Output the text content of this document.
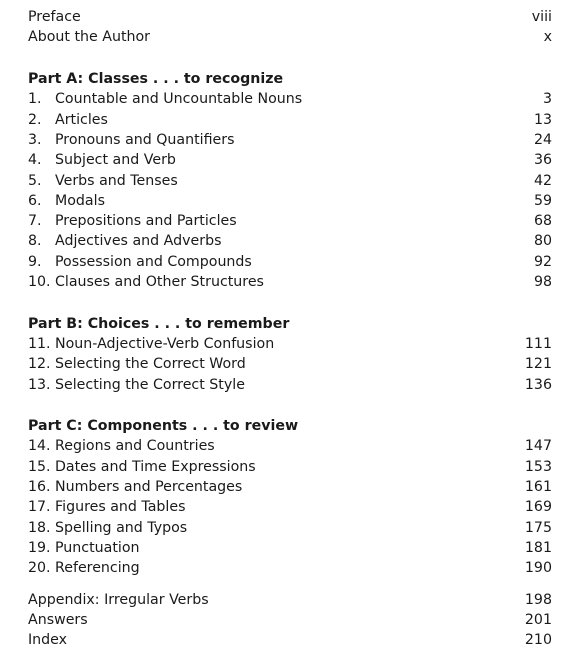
Preface	viii
About the Author	x
Part A: Classes . . . to recognize
1. Countable and Uncountable Nouns	3
2. Articles	13
3. Pronouns and Quantifiers	24
4. Subject and Verb	36
5. Verbs and Tenses	42
6. Modals	59
7. Prepositions and Particles	68
8. Adjectives and Adverbs	80
9. Possession and Compounds	92
10. Clauses and Other Structures	98
Part B: Choices . . . to remember
11. Noun-Adjective-Verb Confusion	111
12. Selecting the Correct Word	121
13. Selecting the Correct Style	136
Part C: Components . . . to review
14. Regions and Countries	147
15. Dates and Time Expressions	153
16. Numbers and Percentages	161
17. Figures and Tables	169
18. Spelling and Typos	175
19. Punctuation	181
20. Referencing	190
Appendix: Irregular Verbs	198
Answers	201
Index	210
